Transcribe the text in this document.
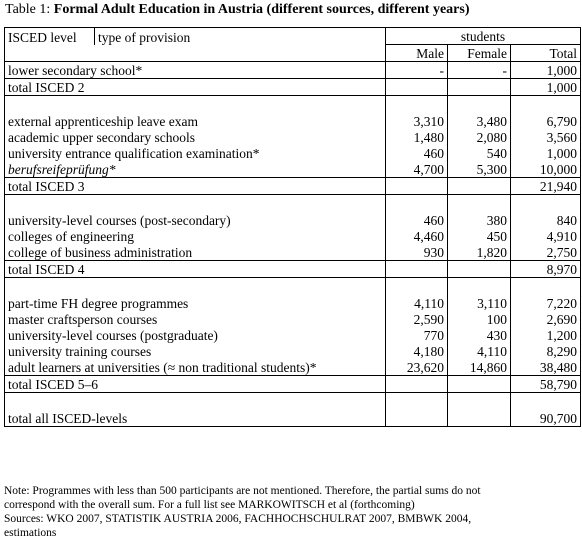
Table 1: Formal Adult Education in Austria (different sources, different years)
ISCED level	type of provision	students		
		Male	Female	Total
lower secondary school*		-	-	1,000
total ISCED 2				1,000

external apprenticeship leave exam		3,310	3,480	6,790
academic upper secondary schools		1,480	2,080	3,560
university entrance qualification examination*		460	540	1,000
berufsreifeprüfung*		4,700	5,300	10,000
total ISCED 3				21,940

university-level courses (post-secondary)		460	380	840
colleges of engineering		4,460	450	4,910
college of business administration		930	1,820	2,750
total ISCED 4				8,970

part-time FH degree programmes		4,110	3,110	7,220
master craftsperson courses		2,590	100	2,690
university-level courses (postgraduate)		770	430	1,200
university training courses		4,180	4,110	8,290
adult learners at universities (≈ non traditional students)*		23,620	14,860	38,480
total ISCED 5–6				58,790

total all ISCED-levels				90,700
Note: Programmes with less than 500 participants are not mentioned. Therefore, the partial sums do not
correspond with the overall sum. For a full list see MARKOWITSCH et al (forthcoming)
Sources: WKO 2007, STATISTIK AUSTRIA 2006, FACHHOCHSCHULRAT 2007, BMBWK 2004,
estimations
